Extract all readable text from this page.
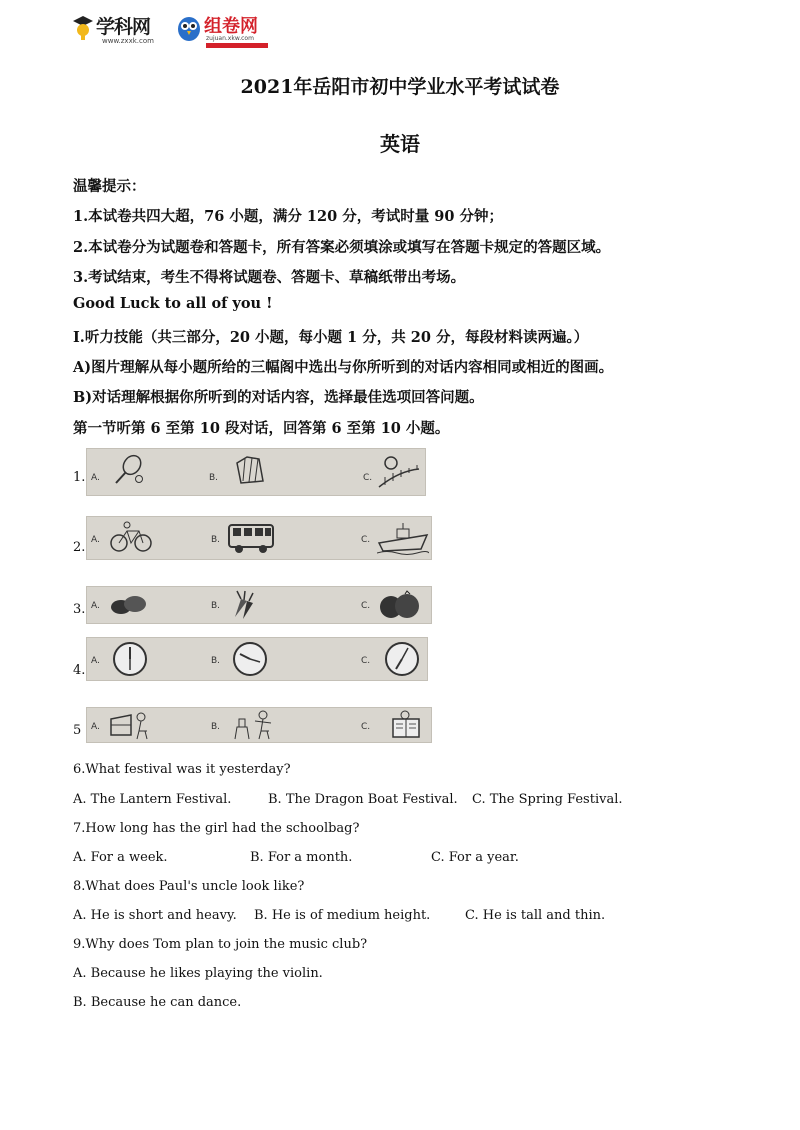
学科网
www.zxxk.com
组卷网
zujuan.xkw.com
2021年岳阳市初中学业水平考试试卷
英语
温馨提示：
1.本试卷共四大超，76 小题，满分 120 分，考试时量 90 分钟；
2.本试卷分为试题卷和答题卡，所有答案必须填涂或填写在答题卡规定的答题区域。
3.考试结束，考生不得将试题卷、答题卡、草稿纸带出考场。
Good Luck to all of you !
I.听力技能（共三部分，20 小题，每小题 1 分，共 20 分，每段材料读两遍。）
A)图片理解从每小题所给的三幅阁中选出与你所听到的对话内容相同或相近的图画。
B)对话理解根据你所听到的对话内容，选择最佳选项回答问题。
第一节听第 6 至第 10 段对话，回答第 6 至第 10 小题。
1. A.	B.	C.
2. A.	B.	C.
3. A.	B.	C.
4.
A.	B.	C.
5 A.	B.	C.
6.What festival was it yesterday?
A. The Lantern Festival.	B. The Dragon Boat Festival. C. The Spring Festival.
7.How long has the girl had the schoolbag?
A. For a week.	B. For a month.	C. For a year.
8.What does Paul's uncle look like?
A. He is short and heavy. B. He is of medium height.	C. He is tall and thin.
9.Why does Tom plan to join the music club?
A. Because he likes playing the violin.
B. Because he can dance.
